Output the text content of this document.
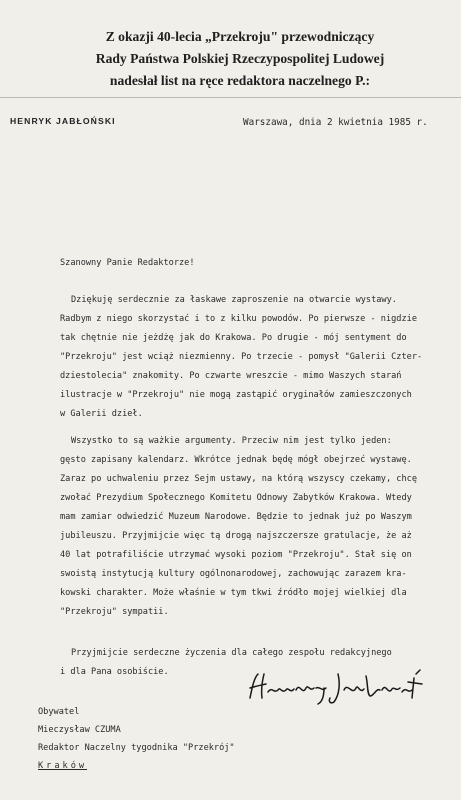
Z okazji 40-lecia „Przekroju" przewodniczący
Rady Państwa Polskiej Rzeczypospolitej Ludowej
nadesłał list na ręce redaktora naczelnego P.:
HENRYK JABŁOŃSKI	Warszawa, dnia 2 kwietnia 1985 r.
Szanowny Panie Redaktorze!
Dziękuję serdecznie za łaskawe zaproszenie na otwarcie wystawy.
Radbym z niego skorzystać i to z kilku powodów. Po pierwsze - nigdzie
tak chętnie nie jeżdżę jak do Krakowa. Po drugie - mój sentyment do
"Przekroju" jest wciąż niezmienny. Po trzecie - pomysł "Galerii Czter-
dziestolecia" znakomity. Po czwarte wreszcie - mimo Waszych starań
ilustracje w "Przekroju" nie mogą zastąpić oryginałów zamieszczonych
w Galerii dzieł.
Wszystko to są ważkie argumenty. Przeciw nim jest tylko jeden:
gęsto zapisany kalendarz. Wkrótce jednak będę mógł obejrzeć wystawę.
Zaraz po uchwaleniu przez Sejm ustawy, na którą wszyscy czekamy, chcę
zwołać Prezydium Społecznego Komitetu Odnowy Zabytków Krakowa. Wtedy
mam zamiar odwiedzić Muzeum Narodowe. Będzie to jednak już po Waszym
jubileuszu. Przyjmijcie więc tą drogą najszczersze gratulacje, że aż
40 lat potrafiliście utrzymać wysoki poziom "Przekroju". Stał się on
swoistą instytucją kultury ogólnonarodowej, zachowując zarazem kra-
kowski charakter. Może właśnie w tym tkwi źródło mojej wielkiej dla
"Przekroju" sympatii.
Przyjmijcie serdeczne życzenia dla całego zespołu redakcyjnego
i dla Pana osobiście.
Obywatel
Mieczysław CZUMA
Redaktor Naczelny tygodnika "Przekrój"
Kraków
